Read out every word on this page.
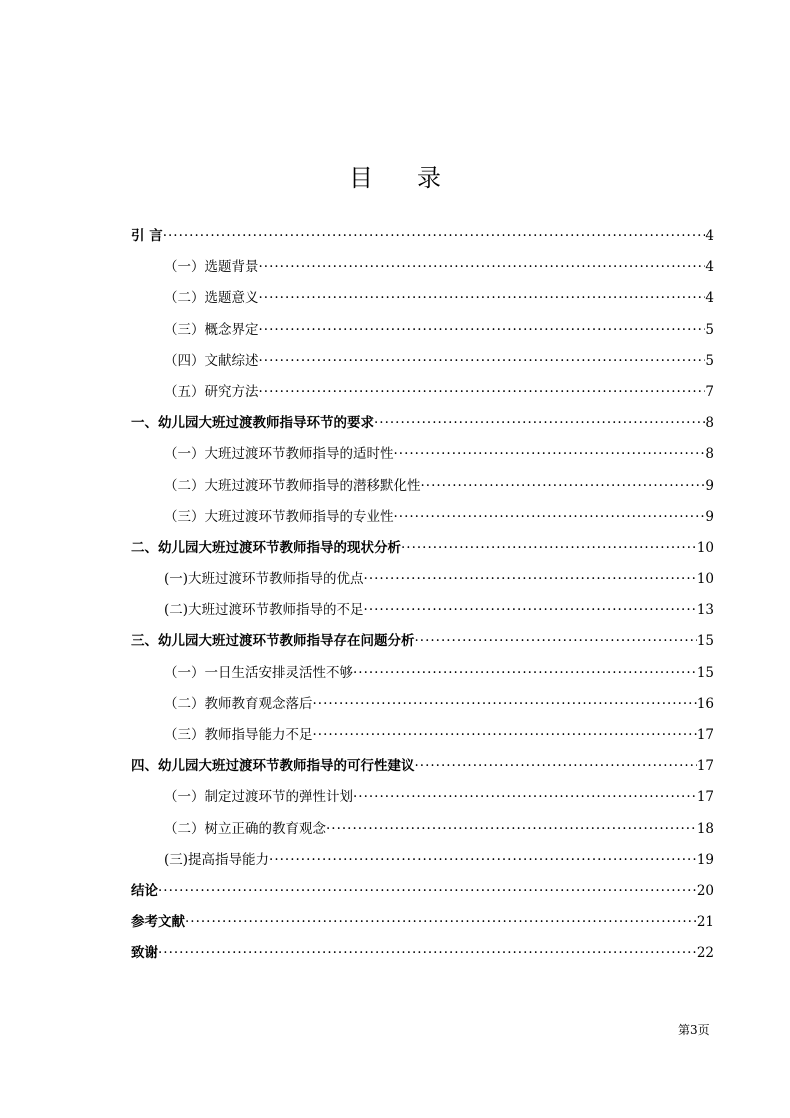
目录
引 言 ·····	4
（一）选题背景 ·····	4
（二）选题意义 ·····	4
（三）概念界定 ·····	5
（四）文献综述 ·····	5
（五）研究方法 ·····	7
一、幼儿园大班过渡教师指导环节的要求 ·····	8
（一）大班过渡环节教师指导的适时性 ·····	8
（二）大班过渡环节教师指导的潜移默化性 ·····	9
（三）大班过渡环节教师指导的专业性 ·····	9
二、幼儿园大班过渡环节教师指导的现状分析 ·····	10
(一)大班过渡环节教师指导的优点 ·····	10
(二)大班过渡环节教师指导的不足 ·····	13
三、幼儿园大班过渡环节教师指导存在问题分析 ·····	15
（一）一日生活安排灵活性不够 ·····	15
（二）教师教育观念落后 ·····	16
（三）教师指导能力不足 ·····	17
四、幼儿园大班过渡环节教师指导的可行性建议 ·····	17
（一）制定过渡环节的弹性计划 ·····	17
（二）树立正确的教育观念 ·····	18
(三)提高指导能力 ·····	19
结论 ·····	20
参考文献 ·····	21
致谢 ·····	22
第3页
